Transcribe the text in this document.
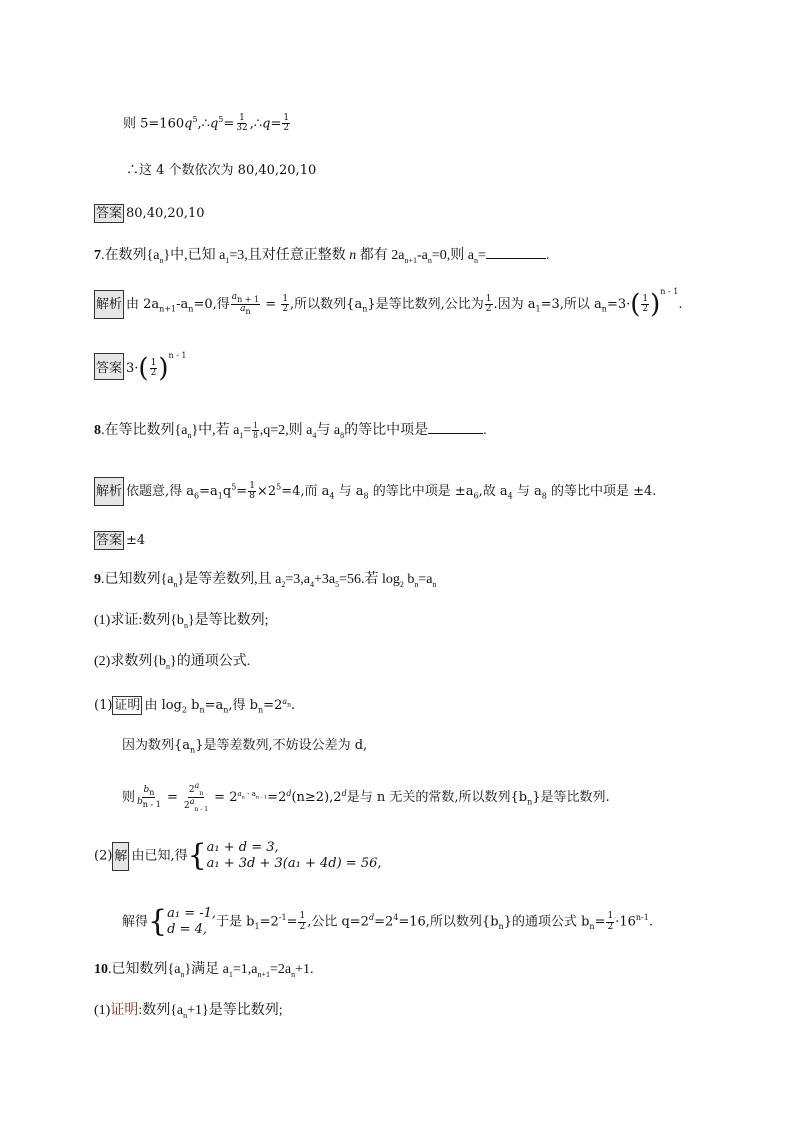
则 $5=160q^5,\therefore q^5= \frac{1}{32}$ ,∴q= $\frac{1}{2}$
∴这 4 个数依次为 80,40,20,10
答案 80,40,20,10
7.在数列$\{a_n\}$中,已知 $a_1=3$,且对任意正整数 n 都有 $2a_{n+1}-a_n=0$,则 $a_n=$	.
解析 由 $2a_{n+1}-a_n=0$,得 $\frac{a_{n + 1}}{a_n} = \frac{1}{2}$ ,所以数列$\{a_n\}$是等比数列,公比为 $\frac{1}{2}$ .因为 $a_1=3$,所以 $a_n=3\cdot( \frac{1}{2} )^{n - 1}$.
答案 $3\cdot( \frac{1}{2} )^{n - 1}$
8.在等比数列$\{a_n\}$中,若 $a_1= \frac{1}{8} ,q=2$,则 $a_4$与 $a_8$的等比中项是	.
解析 依题意,得 $a_6=a_1q^5= \frac{1}{8} \times 2^5=4$,而 $a_4$ 与 $a_8$ 的等比中项是 $\pm a_6$,故 $a_4$ 与 $a_8$ 的等比中项是 ±4.
答案 ±4
9.已知数列$\{a_n\}$是等差数列,且 $a_2=3,a_4+3a_5=56$.若 $\log_2 b_n=a_n$
(1)求证:数列$\{b_n\}$是等比数列;
(2)求数列$\{b_n\}$的通项公式.
(1) 证明 由 $\log_2 b_n=a_n$,得 $b_n=2^{a_n}$.
因为数列$\{a_n\}$是等差数列,不妨设公差为 d,
则 $\frac{b_n}{b_{n - 1}} = \frac{2^a_n}{2^a_{n - 1}} = 2^{a_n - a_{n - 1}}=2^d(n\ge 2),2^d$是与 n 无关的常数,所以数列$\{b_n\}$是等比数列.
(2) 解 由已知,得{ a₁ + d = 3,
a₁ + 3d + 3(a₁ + 4d) = 56,
解得{ a₁ = -1,
d = 4, 于是 $b_1=2^{-1}= \frac{1}{2}$ ,公比 $q=2^d=2^4=16$,所以数列$\{b_n\}$的通项公式 $b_n= \frac{1}{2} \cdot 16^{n-1}$.
10.已知数列$\{a_n\}$满足 $a_1=1,a_{n+1}=2a_n+1$.
(1)证明:数列$\{a_n+1\}$是等比数列;
